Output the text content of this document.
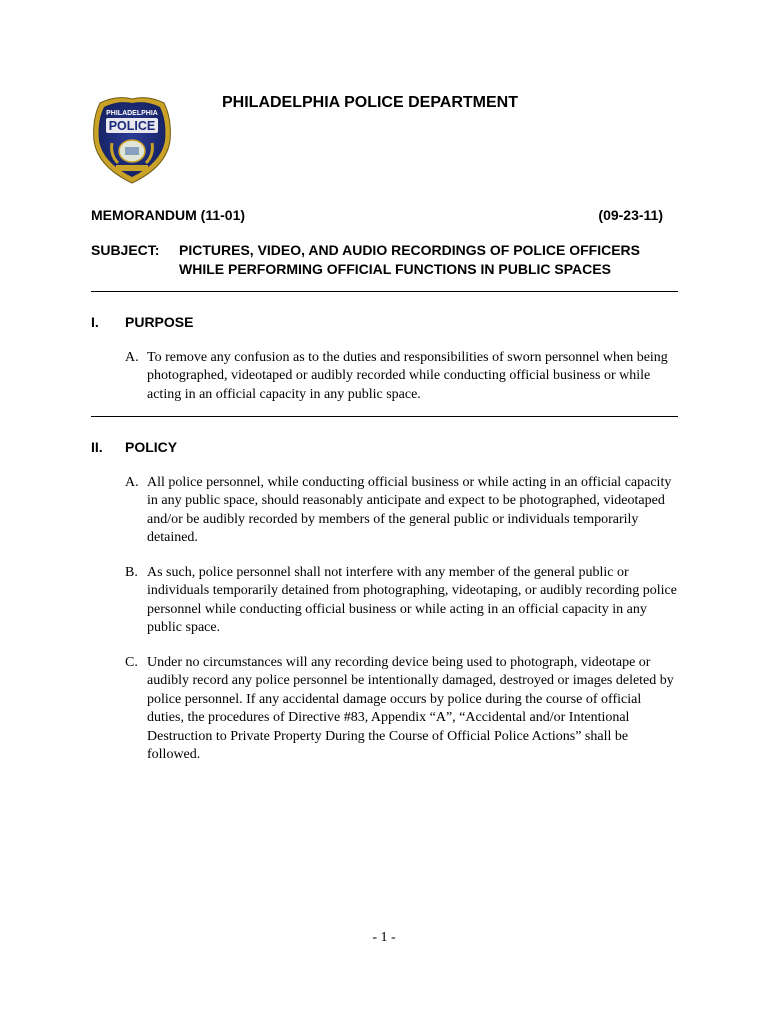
PHILADELPHIA
POLICE
PHILADELPHIA POLICE DEPARTMENT
MEMORANDUM (11-01)	(09-23-11)
SUBJECT: PICTURES, VIDEO, AND AUDIO RECORDINGS OF POLICE OFFICERS
WHILE PERFORMING OFFICIAL FUNCTIONS IN PUBLIC SPACES
I. PURPOSE
A. To remove any confusion as to the duties and responsibilities of sworn personnel when being photographed, videotaped or audibly recorded while conducting official business or while acting in an official capacity in any public space.
II. POLICY
A. All police personnel, while conducting official business or while acting in an official capacity in any public space, should reasonably anticipate and expect to be photographed, videotaped and/or be audibly recorded by members of the general public or individuals temporarily detained.
B. As such, police personnel shall not interfere with any member of the general public or individuals temporarily detained from photographing, videotaping, or audibly recording police personnel while conducting official business or while acting in an official capacity in any public space.
C. Under no circumstances will any recording device being used to photograph, videotape or audibly record any police personnel be intentionally damaged, destroyed or images deleted by police personnel. If any accidental damage occurs by police during the course of official duties, the procedures of Directive #83, Appendix “A”, “Accidental and/or Intentional Destruction to Private Property During the Course of Official Police Actions” shall be followed.
- 1 -
